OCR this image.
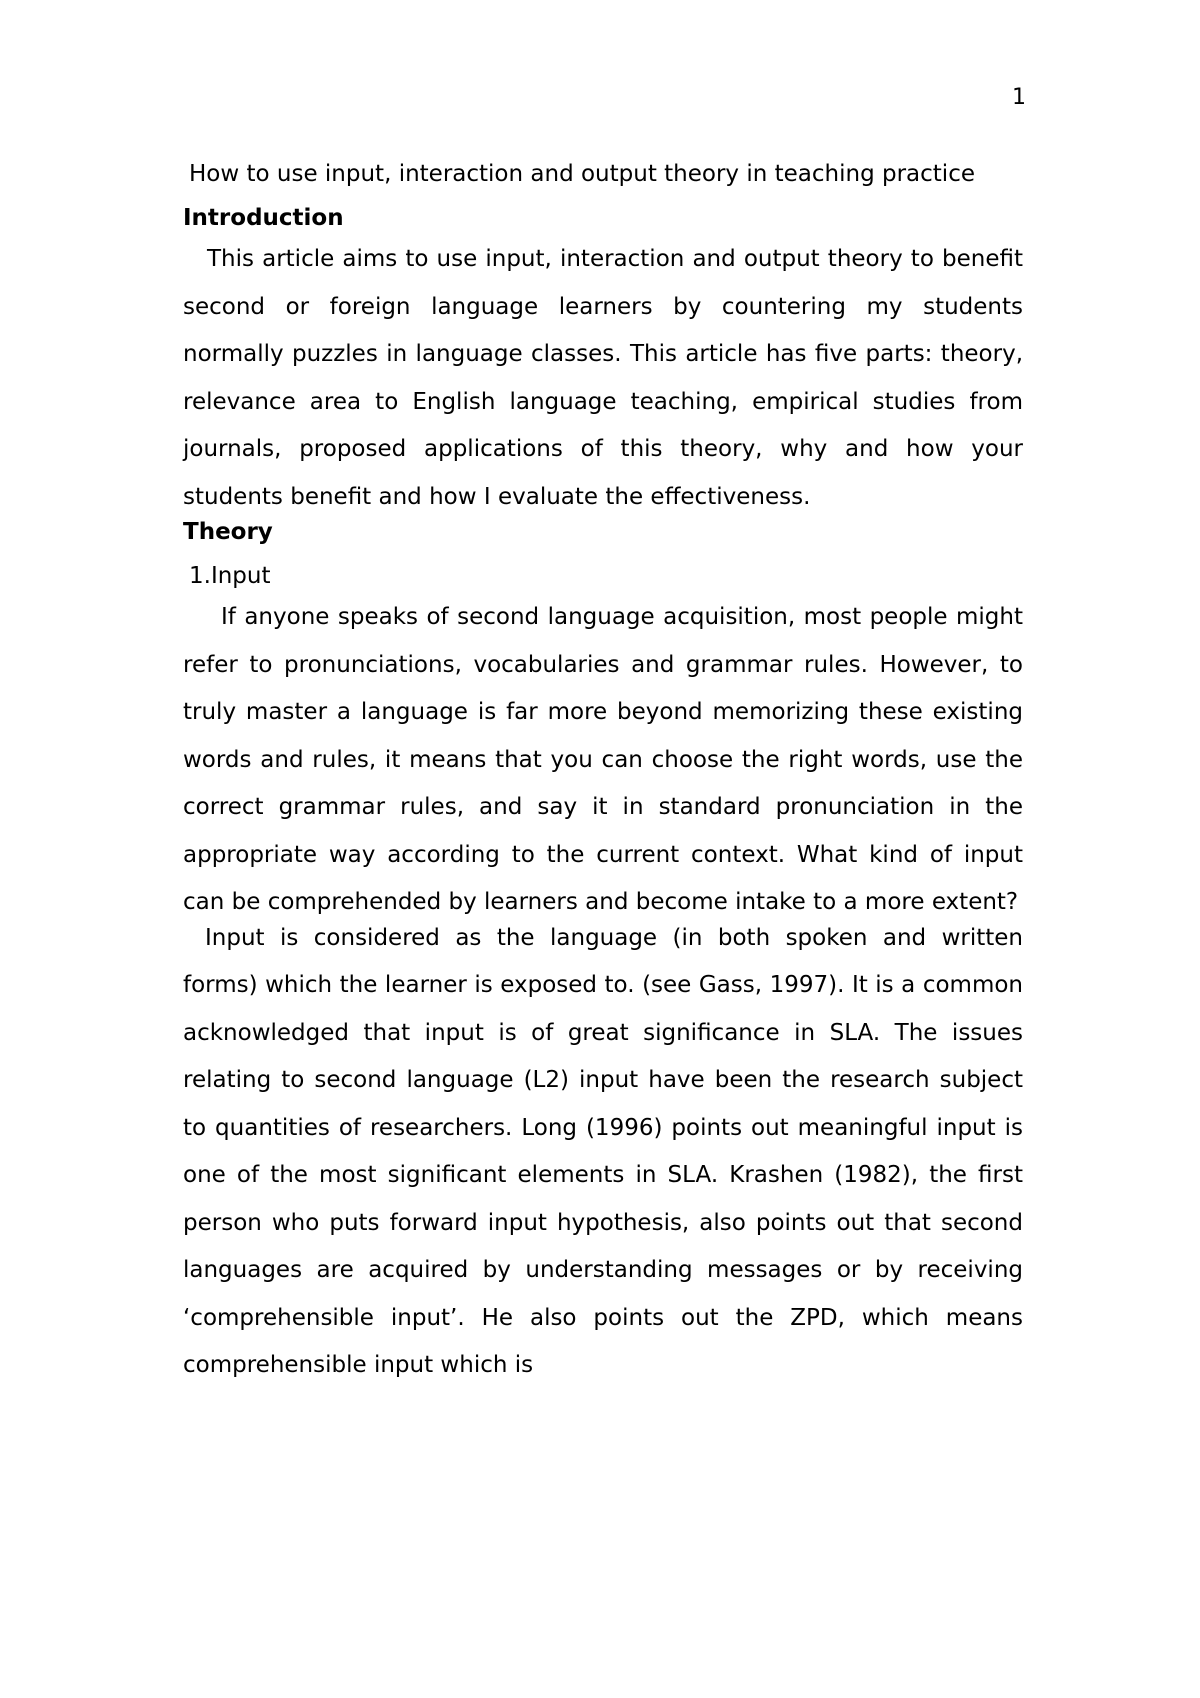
1
How to use input, interaction and output theory in teaching practice
Introduction

This article aims to use input, interaction and output theory to benefit second or foreign language learners by countering my students normally puzzles in language classes. This article has five parts: theory, relevance area to English language teaching, empirical studies from journals, proposed applications of this theory, why and how your students benefit and how I evaluate the effectiveness.

Theory
1.Input

If anyone speaks of second language acquisition, most people might refer to pronunciations, vocabularies and grammar rules. However, to truly master a language is far more beyond memorizing these existing words and rules, it means that you can choose the right words, use the correct grammar rules, and say it in standard pronunciation in the appropriate way according to the current context. What kind of input can be comprehended by learners and become intake to a more extent?

Input is considered as the language (in both spoken and written forms) which the learner is exposed to. (see Gass, 1997). It is a common acknowledged that input is of great significance in SLA. The issues relating to second language (L2) input have been the research subject to quantities of researchers. Long (1996) points out meaningful input is one of the most significant elements in SLA. Krashen (1982), the first person who puts forward input hypothesis, also points out that second languages are acquired by understanding messages or by receiving ‘comprehensible input’. He also points out the ZPD, which means comprehensible input which is
